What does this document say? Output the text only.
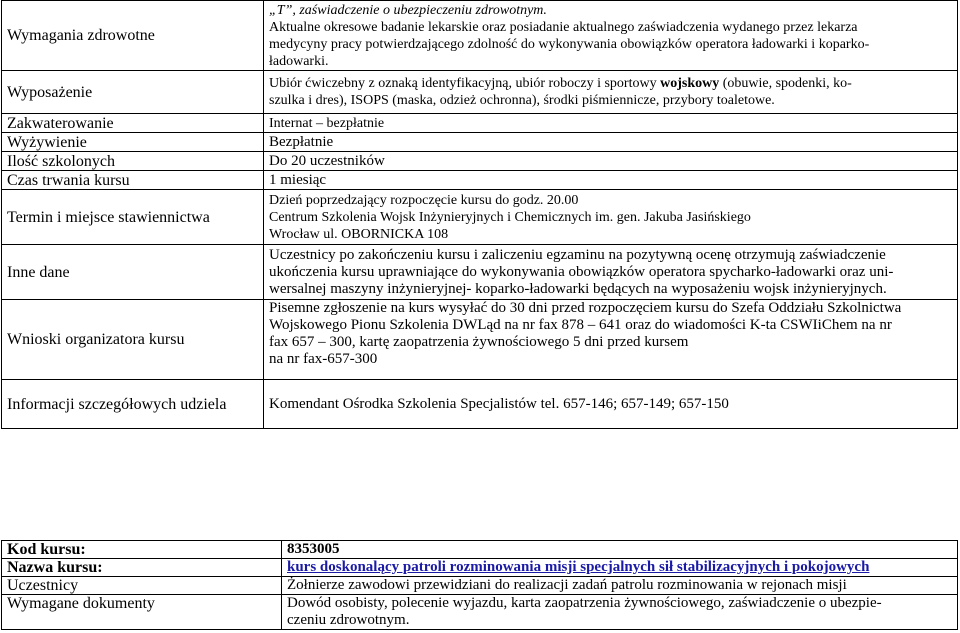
Wymagania zdrowotne	„T”, zaświadczenie o ubezpieczeniu zdrowotnym.
Aktualne okresowe badanie lekarskie oraz posiadanie aktualnego zaświadczenia wydanego przez lekarza
medycyny pracy potwierdzającego zdolność do wykonywania obowiązków operatora ładowarki i koparko-
ładowarki.

Wyposażenie	Ubiór ćwiczebny z oznaką identyfikacyjną, ubiór roboczy i sportowy wojskowy (obuwie, spodenki, ko-
szulka i dres), ISOPS (maska, odzież ochronna), środki piśmiennicze, przybory toaletowe.

Zakwaterowanie	Internat – bezpłatnie
Wyżywienie	Bezpłatnie
Ilość szkolonych	Do 20 uczestników
Czas trwania kursu	1 miesiąc
Termin i miejsce stawiennictwa	Dzień poprzedzający rozpoczęcie kursu do godz. 20.00
Centrum Szkolenia Wojsk Inżynieryjnych i Chemicznych im. gen. Jakuba Jasińskiego
Wrocław ul. OBORNICKA 108

Inne dane	Uczestnicy po zakończeniu kursu i zaliczeniu egzaminu na pozytywną ocenę otrzymują zaświadczenie
ukończenia kursu uprawniające do wykonywania obowiązków operatora spycharko-ładowarki oraz uni-
wersalnej maszyny inżynieryjnej- koparko-ładowarki będących na wyposażeniu wojsk inżynieryjnych.

Wnioski organizatora kursu	Pisemne zgłoszenie na kurs wysyłać do 30 dni przed rozpoczęciem kursu do Szefa Oddziału Szkolnictwa
Wojskowego Pionu Szkolenia DWLąd na nr fax 878 – 641 oraz do wiadomości K-ta CSWIiChem na nr
fax 657 – 300, kartę zaopatrzenia żywnościowego 5 dni przed kursem
na nr fax-657-300

Informacji szczegółowych udziela	Komendant Ośrodka Szkolenia Specjalistów tel. 657-146; 657-149; 657-150
Kod kursu:	8353005
Nazwa kursu:	kurs doskonalący patroli rozminowania misji specjalnych sił stabilizacyjnych i pokojowych
Uczestnicy	Żołnierze zawodowi przewidziani do realizacji zadań patrolu rozminowania w rejonach misji
Wymagane dokumenty	Dowód osobisty, polecenie wyjazdu, karta zaopatrzenia żywnościowego, zaświadczenie o ubezpie-
czeniu zdrowotnym.
